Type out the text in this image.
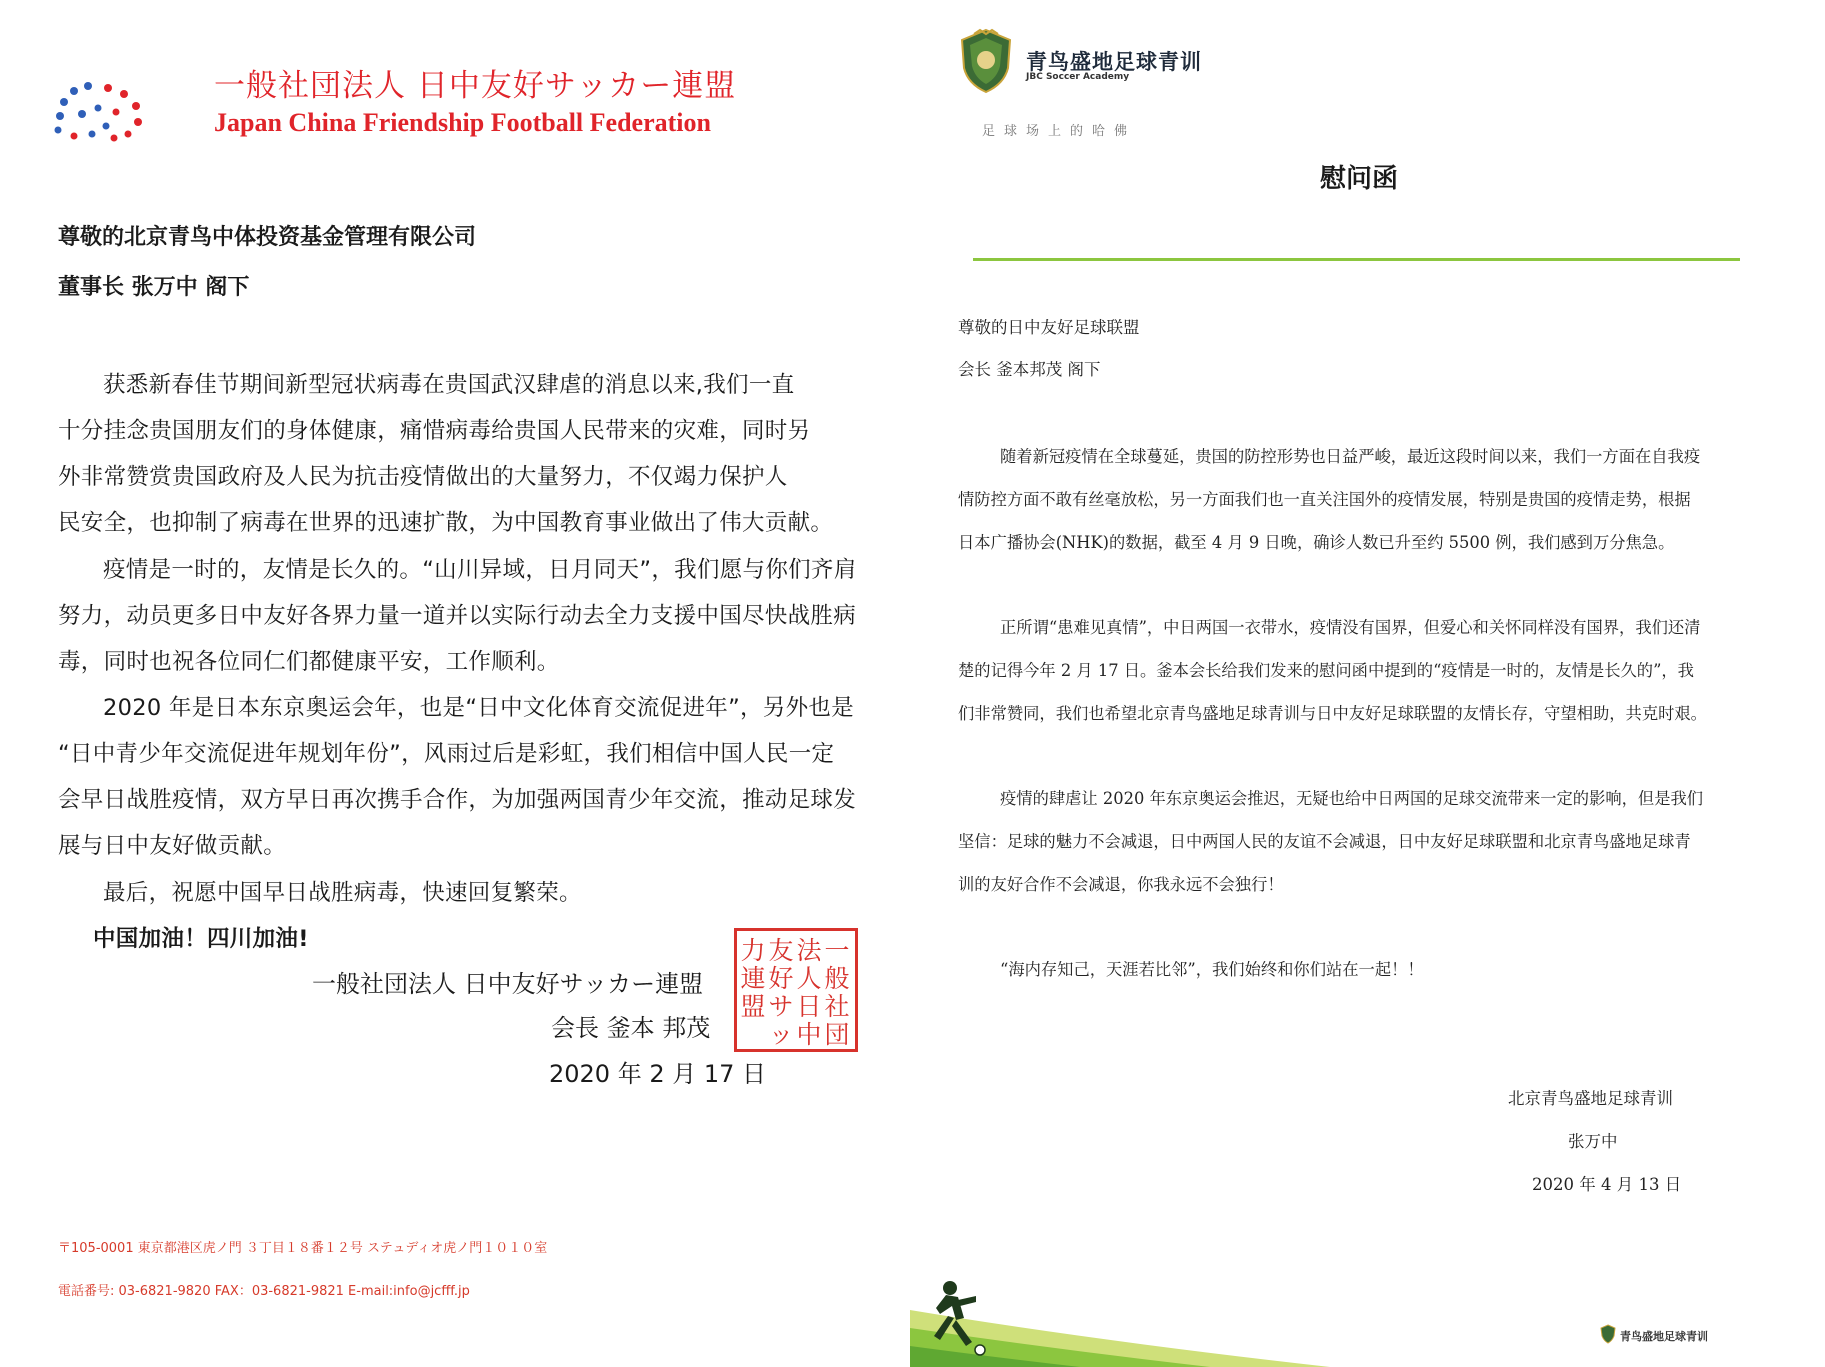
一般社団法人 日中友好サッカー連盟
Japan China Friendship Football Federation
尊敬的北京青鸟中体投资基金管理有限公司
董事长 张万中 阁下
获悉新春佳节期间新型冠状病毒在贵国武汉肆虐的消息以来,我们一直
十分挂念贵国朋友们的身体健康，痛惜病毒给贵国人民带来的灾难，同时另
外非常赞赏贵国政府及人民为抗击疫情做出的大量努力，不仅竭力保护人
民安全，也抑制了病毒在世界的迅速扩散，为中国教育事业做出了伟大贡献。
疫情是一时的，友情是长久的。“山川异域，日月同天”，我们愿与你们齐肩
努力，动员更多日中友好各界力量一道并以实际行动去全力支援中国尽快战胜病
毒，同时也祝各位同仁们都健康平安，工作顺利。
2020 年是日本东京奥运会年，也是“日中文化体育交流促进年”，另外也是
“日中青少年交流促进年规划年份”，风雨过后是彩虹，我们相信中国人民一定
会早日战胜疫情，双方早日再次携手合作，为加强两国青少年交流，推动足球发
展与日中友好做贡献。
最后，祝愿中国早日战胜病毒，快速回复繁荣。
中国加油！四川加油!
一般社団法人 日中友好サッカー連盟
会長 釜本 邦茂
2020 年 2 月 17 日
一般社団
法人日中
友好サッ
力連盟
〒105-0001 東京都港区虎ノ門 ３丁目１８番１２号 ステュディオ虎ノ門１０１０室
電話番号: 03-6821-9820 FAX：03-6821-9821 E-mail:info@jcfff.jp
青鸟盛地足球青训
JBC Soccer Academy
足球场上的哈佛
慰问函
尊敬的日中友好足球联盟
会长 釜本邦茂 阁下
随着新冠疫情在全球蔓延，贵国的防控形势也日益严峻，最近这段时间以来，我们一方面在自我疫
情防控方面不敢有丝毫放松，另一方面我们也一直关注国外的疫情发展，特别是贵国的疫情走势，根据
日本广播协会(NHK)的数据，截至 4 月 9 日晚，确诊人数已升至约 5500 例，我们感到万分焦急。
正所谓“患难见真情”，中日两国一衣带水，疫情没有国界，但爱心和关怀同样没有国界，我们还清
楚的记得今年 2 月 17 日。釜本会长给我们发来的慰问函中提到的“疫情是一时的，友情是长久的”，我
们非常赞同，我们也希望北京青鸟盛地足球青训与日中友好足球联盟的友情长存，守望相助，共克时艰。
疫情的肆虐让 2020 年东京奥运会推迟，无疑也给中日两国的足球交流带来一定的影响，但是我们
坚信：足球的魅力不会减退，日中两国人民的友谊不会减退，日中友好足球联盟和北京青鸟盛地足球青
训的友好合作不会减退，你我永远不会独行！
“海内存知己，天涯若比邻”，我们始终和你们站在一起！！
北京青鸟盛地足球青训
张万中
2020 年 4 月 13 日
青鸟盛地足球青训
